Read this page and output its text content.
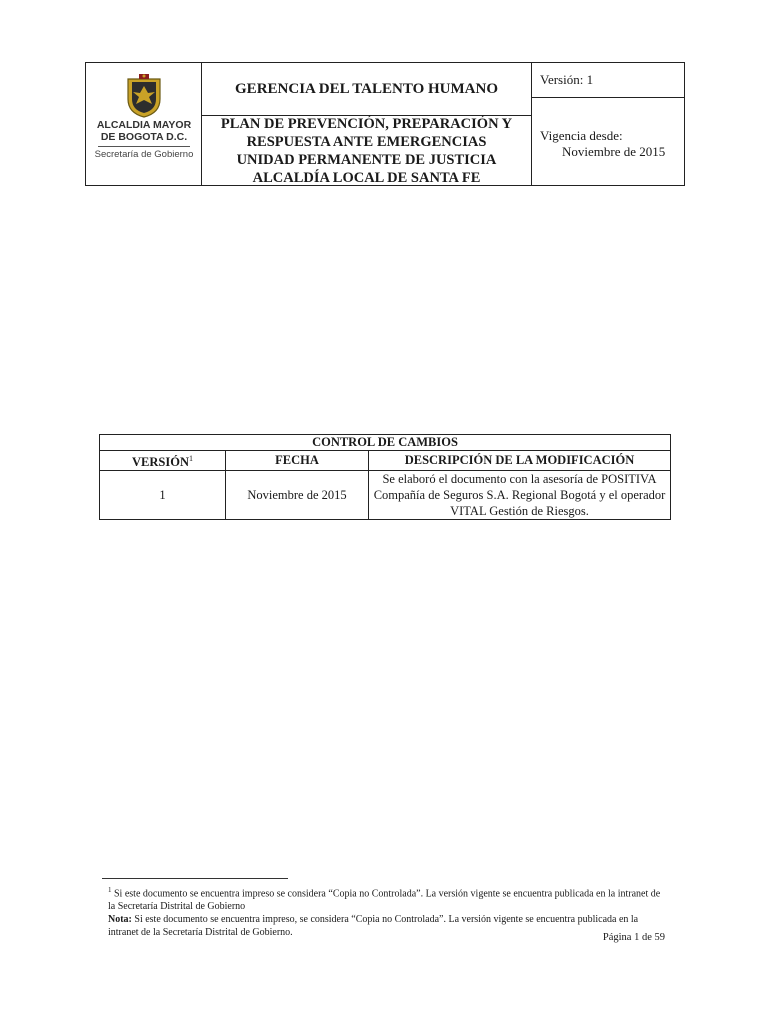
ALCALDIA MAYOR
DE BOGOTA D.C.
Secretaría de Gobierno
GERENCIA DEL TALENTO HUMANO
PLAN DE PREVENCIÓN, PREPARACIÓN Y
RESPUESTA ANTE EMERGENCIAS
UNIDAD PERMANENTE DE JUSTICIA
ALCALDÍA LOCAL DE SANTA FE
Versión: 1
Vigencia desde:
Noviembre de 2015
CONTROL DE CAMBIOS		
VERSIÓN$^1$	FECHA	DESCRIPCIÓN DE LA MODIFICACIÓN
1	Noviembre de 2015	Se elaboró el documento con la asesoría de POSITIVA
Compañía de Seguros S.A. Regional Bogotá y el operador
VITAL Gestión de Riesgos.
$^1$ Si este documento se encuentra impreso se considera “Copia no Controlada”. La versión vigente se encuentra publicada en la intranet de la Secretaría Distrital de Gobierno
Nota: Si este documento se encuentra impreso, se considera “Copia no Controlada”. La versión vigente se encuentra publicada en la intranet de la Secretaría Distrital de Gobierno.	Página 1 de 59
